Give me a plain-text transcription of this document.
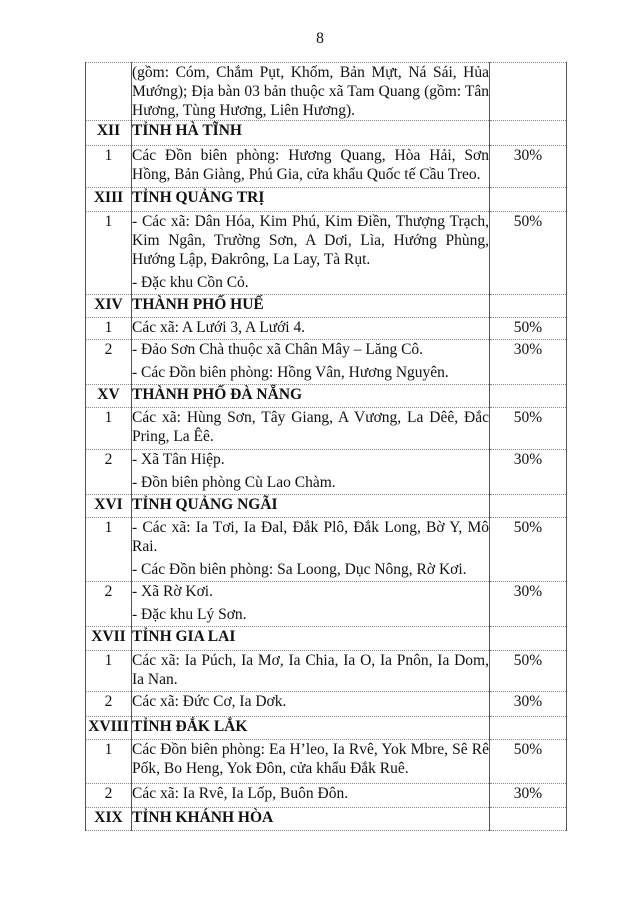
8

	(gồm: Cóm, Chắm Pụt, Khốm, Bản Mựt, Ná Sái, Hủa Mướng); Địa bàn 03 bản thuộc xã Tam Quang (gồm: Tân Hương, Tùng Hương, Liên Hương).	

XII	TỈNH HÀ TĨNH	
1	Các Đồn biên phòng: Hương Quang, Hòa Hải, Sơn Hồng, Bản Giàng, Phú Gia, cửa khẩu Quốc tế Cầu Treo.	30%
XIII	TỈNH QUẢNG TRỊ	
1	- Các xã: Dân Hóa, Kim Phú, Kim Điền, Thượng Trạch, Kim Ngân, Trường Sơn, A Dơi, Lìa, Hướng Phùng, Hướng Lập, Đakrông, La Lay, Tà Rụt.

- Đặc khu Cồn Cỏ.	50%
XIV	THÀNH PHỐ HUẾ	
1	Các xã: A Lưới 3, A Lưới 4.	50%
2	- Đảo Sơn Chà thuộc xã Chân Mây – Lăng Cô.

- Các Đồn biên phòng: Hồng Vân, Hương Nguyên.	30%
XV	THÀNH PHỐ ĐÀ NẴNG	
1	Các xã: Hùng Sơn, Tây Giang, A Vương, La Dêê, Đắc Pring, La Êê.	50%
2	- Xã Tân Hiệp.

- Đồn biên phòng Cù Lao Chàm.	30%
XVI	TỈNH QUẢNG NGÃI	
1	- Các xã: Ia Tơi, Ia Đal, Đắk Plô, Đắk Long, Bờ Y, Mô Rai.

- Các Đồn biên phòng: Sa Loong, Dục Nông, Rờ Kơi.	50%
2	- Xã Rờ Kơi.

- Đặc khu Lý Sơn.	30%
XVII	TỈNH GIA LAI	
1	Các xã: Ia Púch, Ia Mơ, Ia Chia, Ia O, Ia Pnôn, Ia Dom, Ia Nan.	50%
2	Các xã: Đức Cơ, Ia Dơk.	30%
XVIII	TỈNH ĐẮK LẮK	
1	Các Đồn biên phòng: Ea H’leo, Ia Rvê, Yok Mbre, Sê Rê Pốk, Bo Heng, Yok Đôn, cửa khẩu Đắk Ruê.	50%
2	Các xã: Ia Rvê, Ia Lốp, Buôn Đôn.	30%
XIX	TỈNH KHÁNH HÒA	
